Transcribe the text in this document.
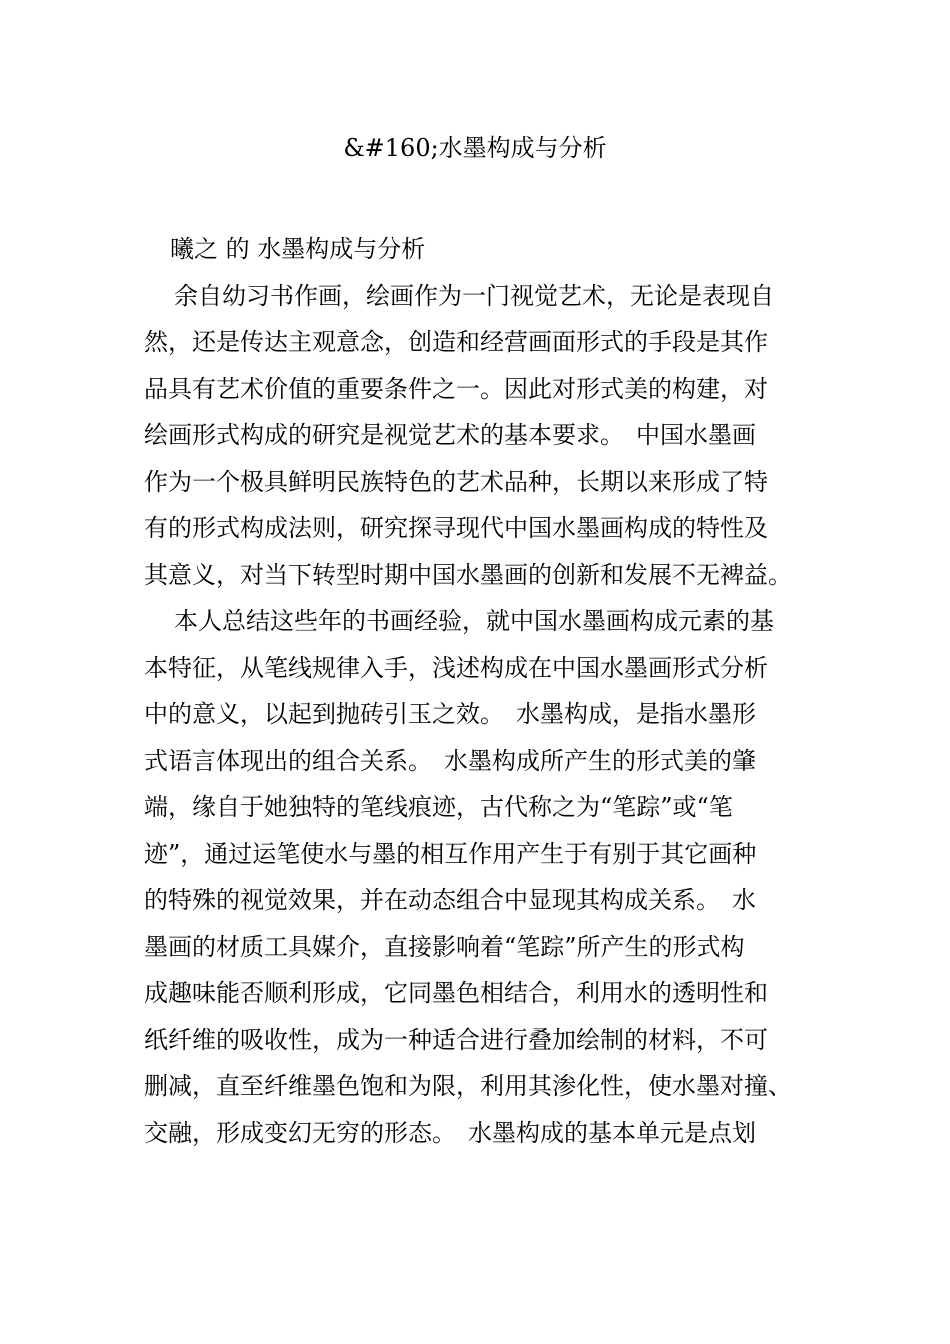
&#160;水墨构成与分析
曦之 的 水墨构成与分析
余自幼习书作画，绘画作为一门视觉艺术，无论是表现自
然，还是传达主观意念，创造和经营画面形式的手段是其作
品具有艺术价值的重要条件之一。因此对形式美的构建，对
绘画形式构成的研究是视觉艺术的基本要求。　中国水墨画
作为一个极具鲜明民族特色的艺术品种，长期以来形成了特
有的形式构成法则，研究探寻现代中国水墨画构成的特性及
其意义，对当下转型时期中国水墨画的创新和发展不无裨益。
本人总结这些年的书画经验，就中国水墨画构成元素的基
本特征，从笔线规律入手，浅述构成在中国水墨画形式分析
中的意义，以起到抛砖引玉之效。　水墨构成，是指水墨形
式语言体现出的组合关系。　水墨构成所产生的形式美的肇
端，缘自于她独特的笔线痕迹，古代称之为“笔踪”或“笔
迹”，通过运笔使水与墨的相互作用产生于有别于其它画种
的特殊的视觉效果，并在动态组合中显现其构成关系。　水
墨画的材质工具媒介，直接影响着“笔踪”所产生的形式构
成趣味能否顺利形成，它同墨色相结合，利用水的透明性和
纸纤维的吸收性，成为一种适合进行叠加绘制的材料，不可
删减，直至纤维墨色饱和为限，利用其渗化性，使水墨对撞、
交融，形成变幻无穷的形态。　水墨构成的基本单元是点划
